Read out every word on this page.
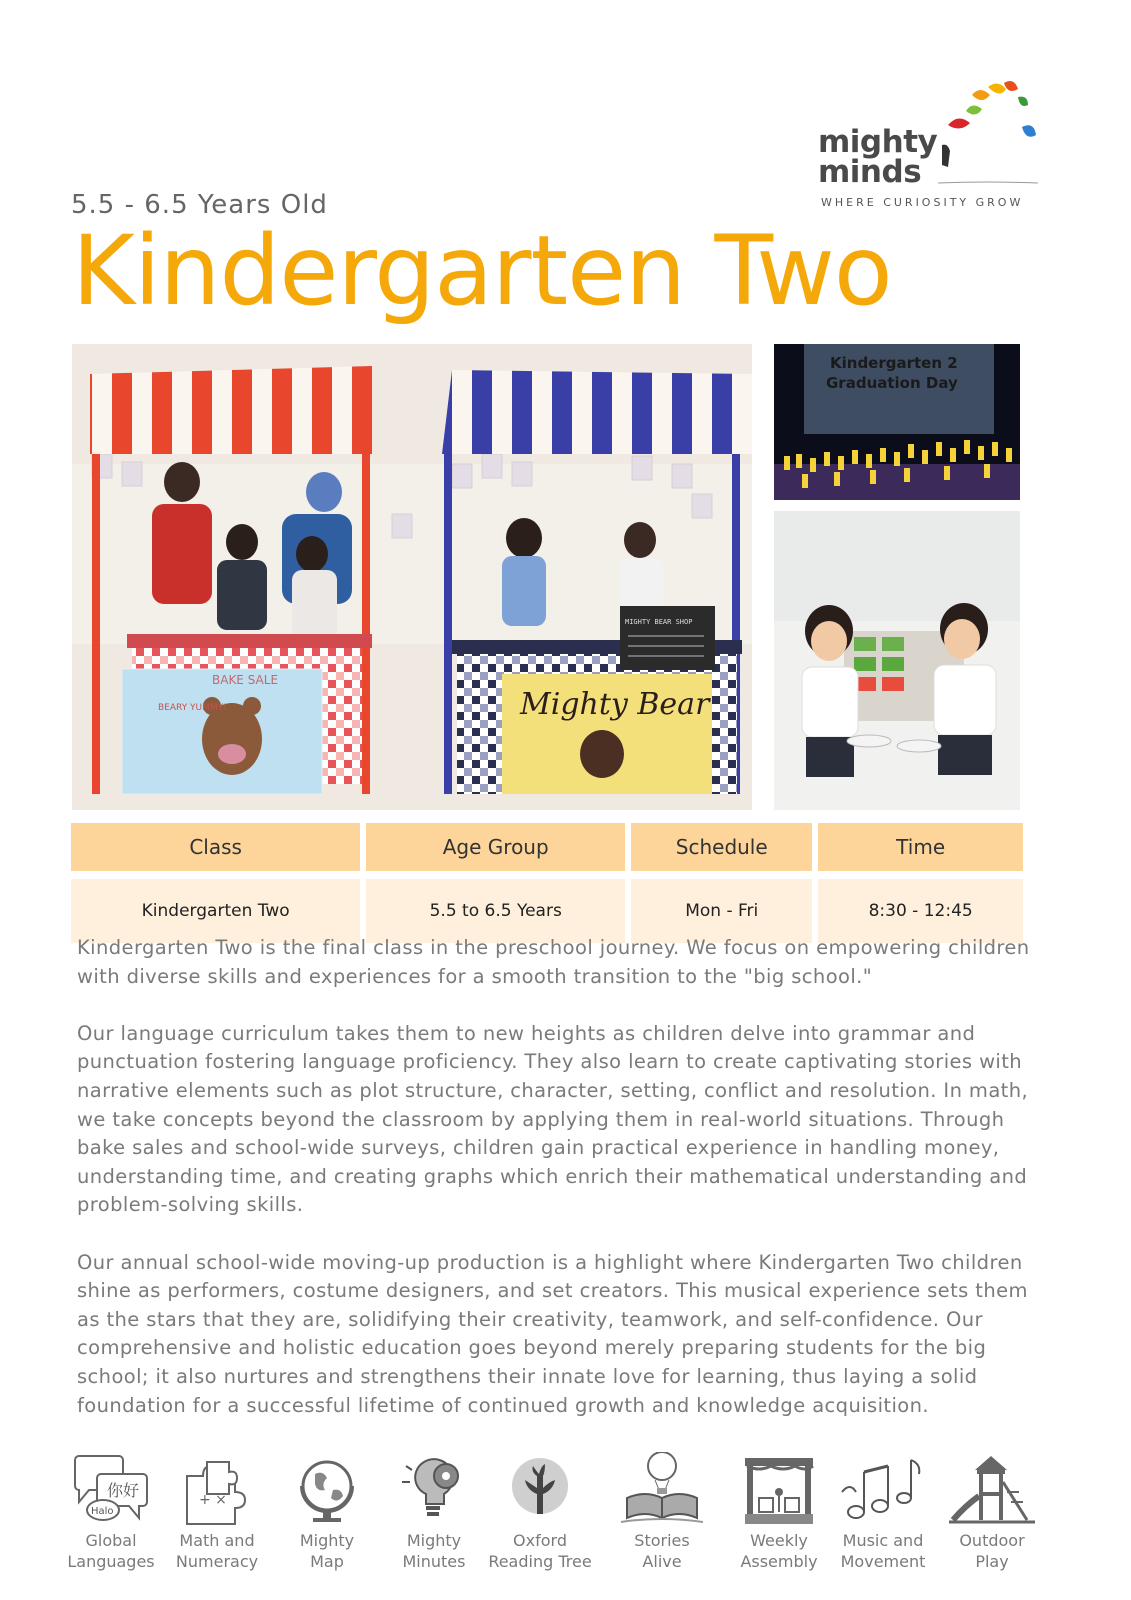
mighty
minds
WHERE CURIOSITY GROW
5.5 - 6.5 Years Old
Kindergarten Two
BAKE SALE
BEARY YUMMY!	Mighty Bear
MIGHTY BEAR SHOP
Kindergarten 2
Graduation Day
Class	Age Group	Schedule	Time

Kindergarten Two	5.5 to 6.5 Years	Mon - Fri	8:30 - 12:45

Kindergarten Two is the final class in the preschool journey. We focus on empowering children with diverse skills and experiences for a smooth transition to the "big school."

Our language curriculum takes them to new heights as children delve into grammar and punctuation fostering language proficiency. They also learn to create captivating stories with narrative elements such as plot structure, character, setting, conflict and resolution. In math, we take concepts beyond the classroom by applying them in real-world situations. Through bake sales and school-wide surveys, children gain practical experience in handling money, understanding time, and creating graphs which enrich their mathematical understanding and problem-solving skills.

Our annual school-wide moving-up production is a highlight where Kindergarten Two children shine as performers, costume designers, and set creators. This musical experience sets them as the stars that they are, solidifying their creativity, teamwork, and self-confidence. Our comprehensive and holistic education goes beyond merely preparing students for the big school; it also nurtures and strengthens their innate love for learning, thus laying a solid foundation for a successful lifetime of continued growth and knowledge acquisition.

你好
Halo
Global
Languages
+ ×
Math and
Numeracy
Mighty
Map
Mighty
Minutes
Oxford
Reading Tree
Stories
Alive
Weekly
Assembly
Music and
Movement
Outdoor
Play
